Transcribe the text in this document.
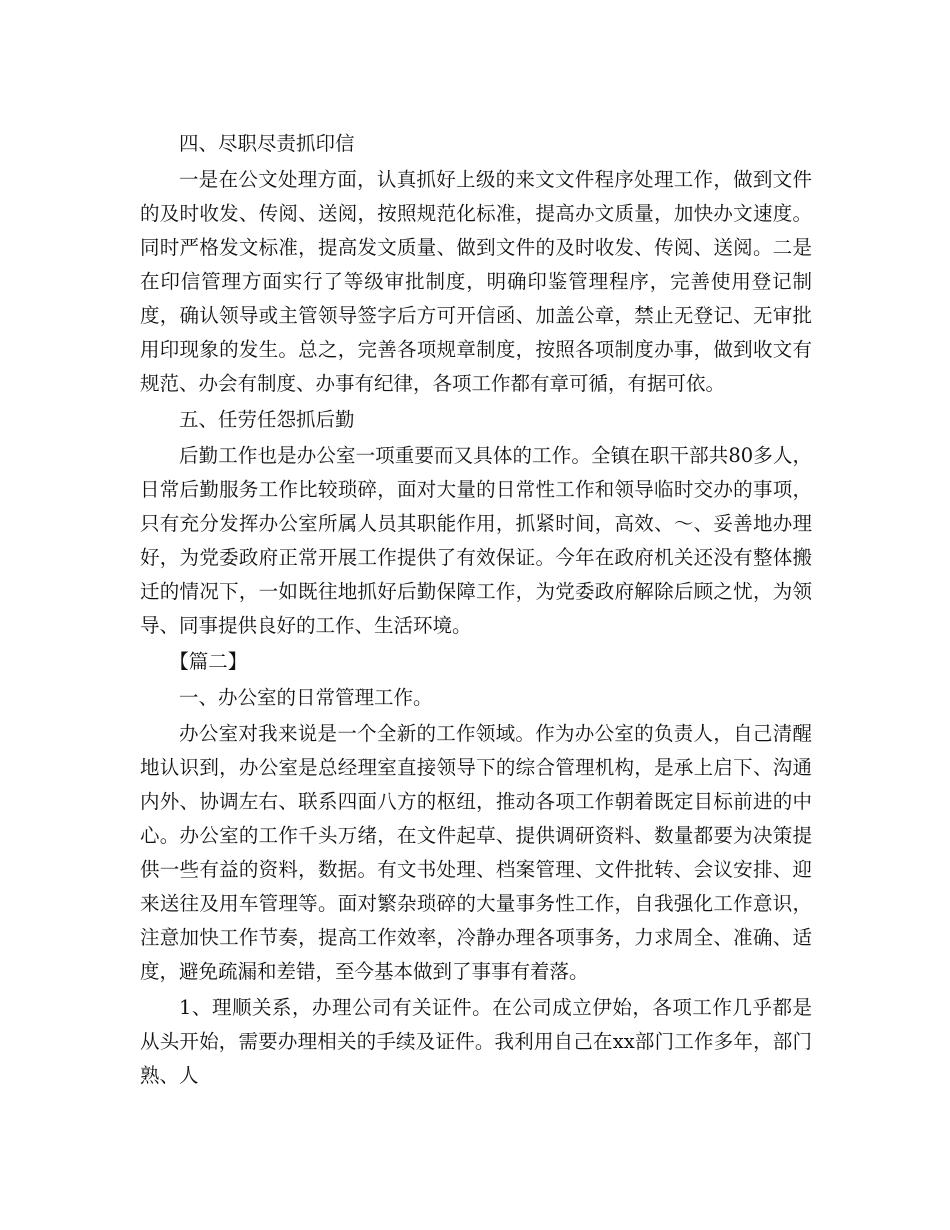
四、尽职尽责抓印信

一是在公文处理方面，认真抓好上级的来文文件程序处理工作，做到文件的及时收发、传阅、送阅，按照规范化标准，提高办文质量，加快办文速度。同时严格发文标准，提高发文质量、做到文件的及时收发、传阅、送阅。二是在印信管理方面实行了等级审批制度，明确印鉴管理程序，完善使用登记制度，确认领导或主管领导签字后方可开信函、加盖公章，禁止无登记、无审批用印现象的发生。总之，完善各项规章制度，按照各项制度办事，做到收文有规范、办会有制度、办事有纪律，各项工作都有章可循，有据可依。

五、任劳任怨抓后勤

后勤工作也是办公室一项重要而又具体的工作。全镇在职干部共80多人，日常后勤服务工作比较琐碎，面对大量的日常性工作和领导临时交办的事项，只有充分发挥办公室所属人员其职能作用，抓紧时间，高效、～、妥善地办理好，为党委政府正常开展工作提供了有效保证。今年在政府机关还没有整体搬迁的情况下，一如既往地抓好后勤保障工作，为党委政府解除后顾之忧，为领导、同事提供良好的工作、生活环境。

【篇二】

一、办公室的日常管理工作。

办公室对我来说是一个全新的工作领域。作为办公室的负责人，自己清醒地认识到，办公室是总经理室直接领导下的综合管理机构，是承上启下、沟通内外、协调左右、联系四面八方的枢纽，推动各项工作朝着既定目标前进的中心。办公室的工作千头万绪，在文件起草、提供调研资料、数量都要为决策提供一些有益的资料，数据。有文书处理、档案管理、文件批转、会议安排、迎来送往及用车管理等。面对繁杂琐碎的大量事务性工作，自我强化工作意识，注意加快工作节奏，提高工作效率，冷静办理各项事务，力求周全、准确、适度，避免疏漏和差错，至今基本做到了事事有着落。

1、理顺关系，办理公司有关证件。在公司成立伊始，各项工作几乎都是从头开始，需要办理相关的手续及证件。我利用自己在xx部门工作多年，部门熟、人
